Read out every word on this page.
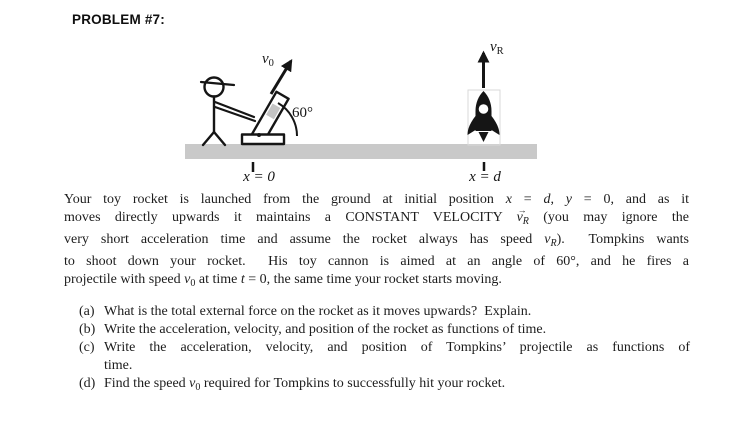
PROBLEM #7:
$v_0$
60°
$v_R$
x = 0	x = d
Your toy rocket is launched from the ground at initial position x = d, y = 0, and as it
moves directly upwards it maintains a CONSTANT VELOCITY $v \to_R$ (you may ignore the
very short acceleration time and assume the rocket always has speed $v_R$).  Tompkins wants
to shoot down your rocket.  His toy cannon is aimed at an angle of 60°, and he fires a
projectile with speed $v_0$ at time t = 0, the same time your rocket starts moving.
(a) What is the total external force on the rocket as it moves upwards?  Explain.
(b) Write the acceleration, velocity, and position of the rocket as functions of time.
(c) Write the acceleration, velocity, and position of Tompkins’ projectile as functions of
time.
(d) Find the speed $v_0$ required for Tompkins to successfully hit your rocket.
